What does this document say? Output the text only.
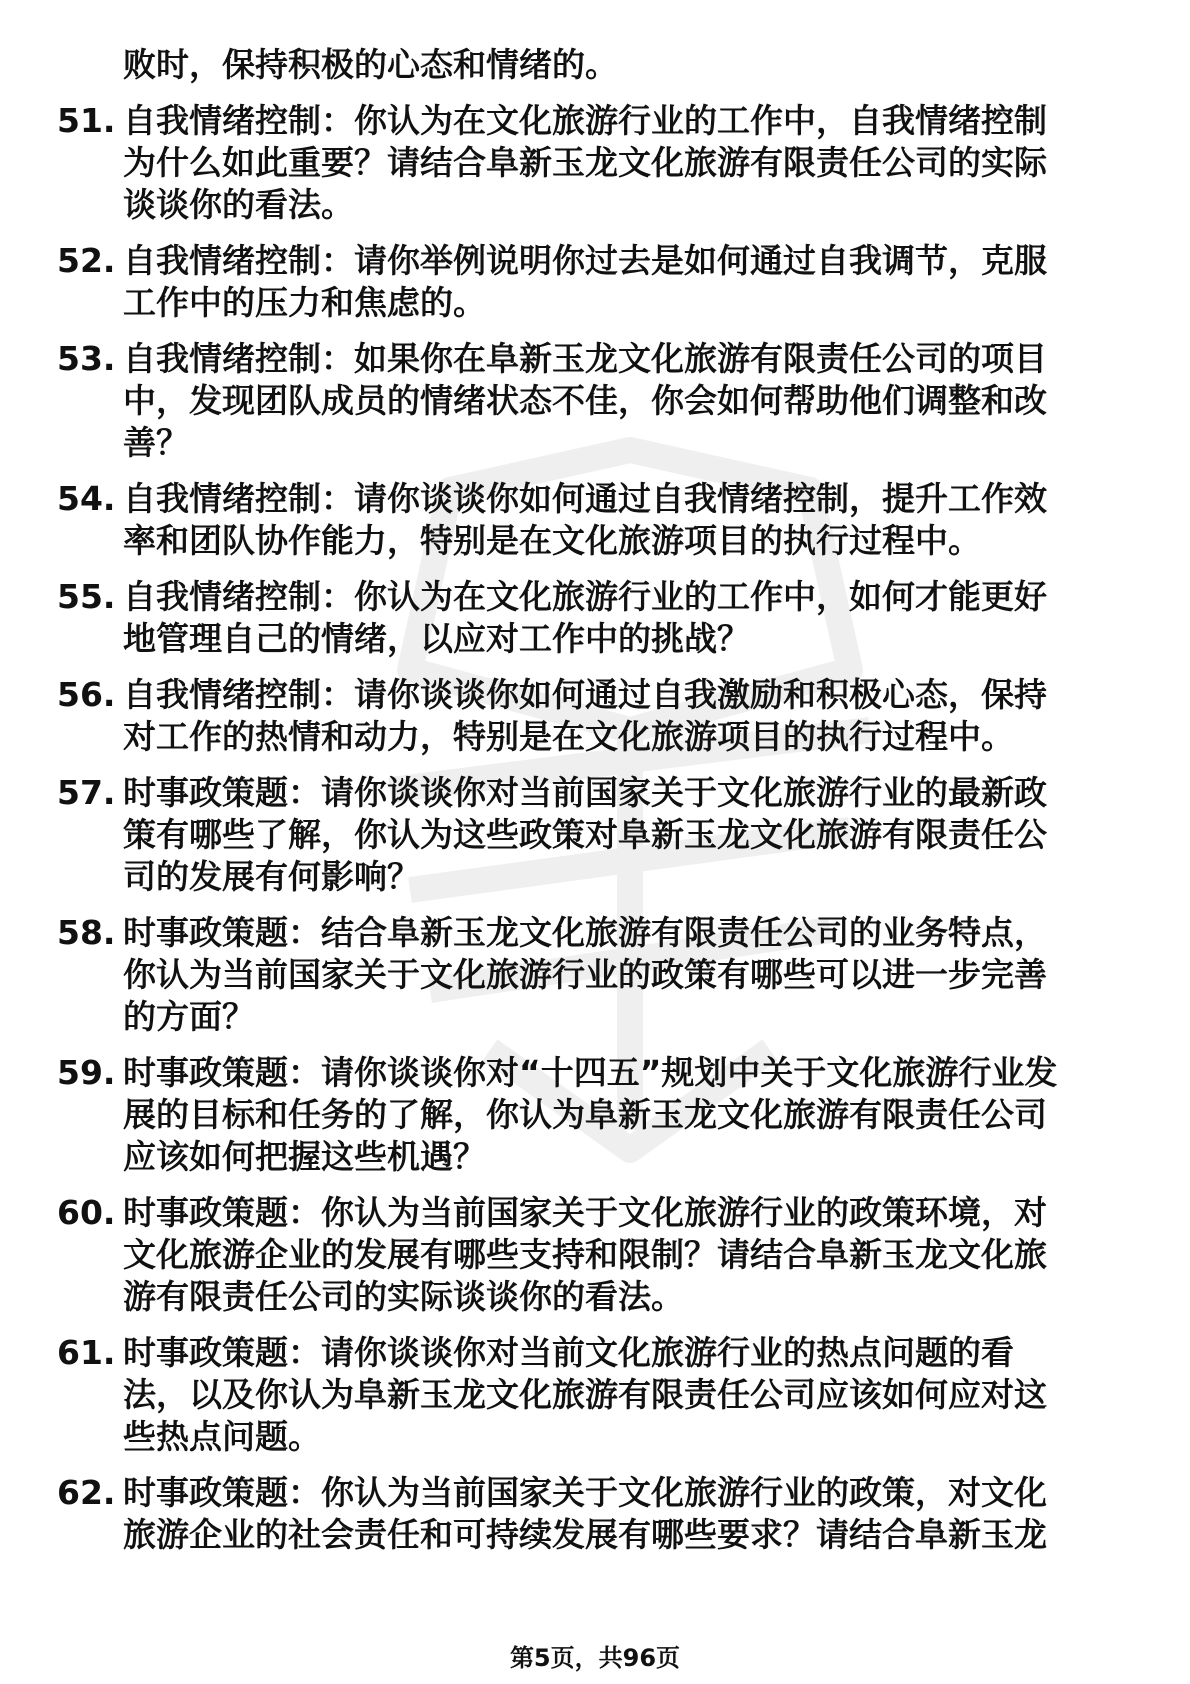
败时，保持积极的心态和情绪的。
51. 自我情绪控制：你认为在文化旅游行业的工作中，自我情绪控制
为什么如此重要？请结合阜新玉龙文化旅游有限责任公司的实际
谈谈你的看法。
52. 自我情绪控制：请你举例说明你过去是如何通过自我调节，克服
工作中的压力和焦虑的。
53. 自我情绪控制：如果你在阜新玉龙文化旅游有限责任公司的项目
中，发现团队成员的情绪状态不佳，你会如何帮助他们调整和改
善？
54. 自我情绪控制：请你谈谈你如何通过自我情绪控制，提升工作效
率和团队协作能力，特别是在文化旅游项目的执行过程中。
55. 自我情绪控制：你认为在文化旅游行业的工作中，如何才能更好
地管理自己的情绪，以应对工作中的挑战？
56. 自我情绪控制：请你谈谈你如何通过自我激励和积极心态，保持
对工作的热情和动力，特别是在文化旅游项目的执行过程中。
57. 时事政策题：请你谈谈你对当前国家关于文化旅游行业的最新政
策有哪些了解，你认为这些政策对阜新玉龙文化旅游有限责任公
司的发展有何影响？
58. 时事政策题：结合阜新玉龙文化旅游有限责任公司的业务特点，
你认为当前国家关于文化旅游行业的政策有哪些可以进一步完善
的方面？
59. 时事政策题：请你谈谈你对“十四五”规划中关于文化旅游行业发
展的目标和任务的了解，你认为阜新玉龙文化旅游有限责任公司
应该如何把握这些机遇？
60. 时事政策题：你认为当前国家关于文化旅游行业的政策环境，对
文化旅游企业的发展有哪些支持和限制？请结合阜新玉龙文化旅
游有限责任公司的实际谈谈你的看法。
61. 时事政策题：请你谈谈你对当前文化旅游行业的热点问题的看
法，以及你认为阜新玉龙文化旅游有限责任公司应该如何应对这
些热点问题。
62. 时事政策题：你认为当前国家关于文化旅游行业的政策，对文化
旅游企业的社会责任和可持续发展有哪些要求？请结合阜新玉龙
第5页，共96页
